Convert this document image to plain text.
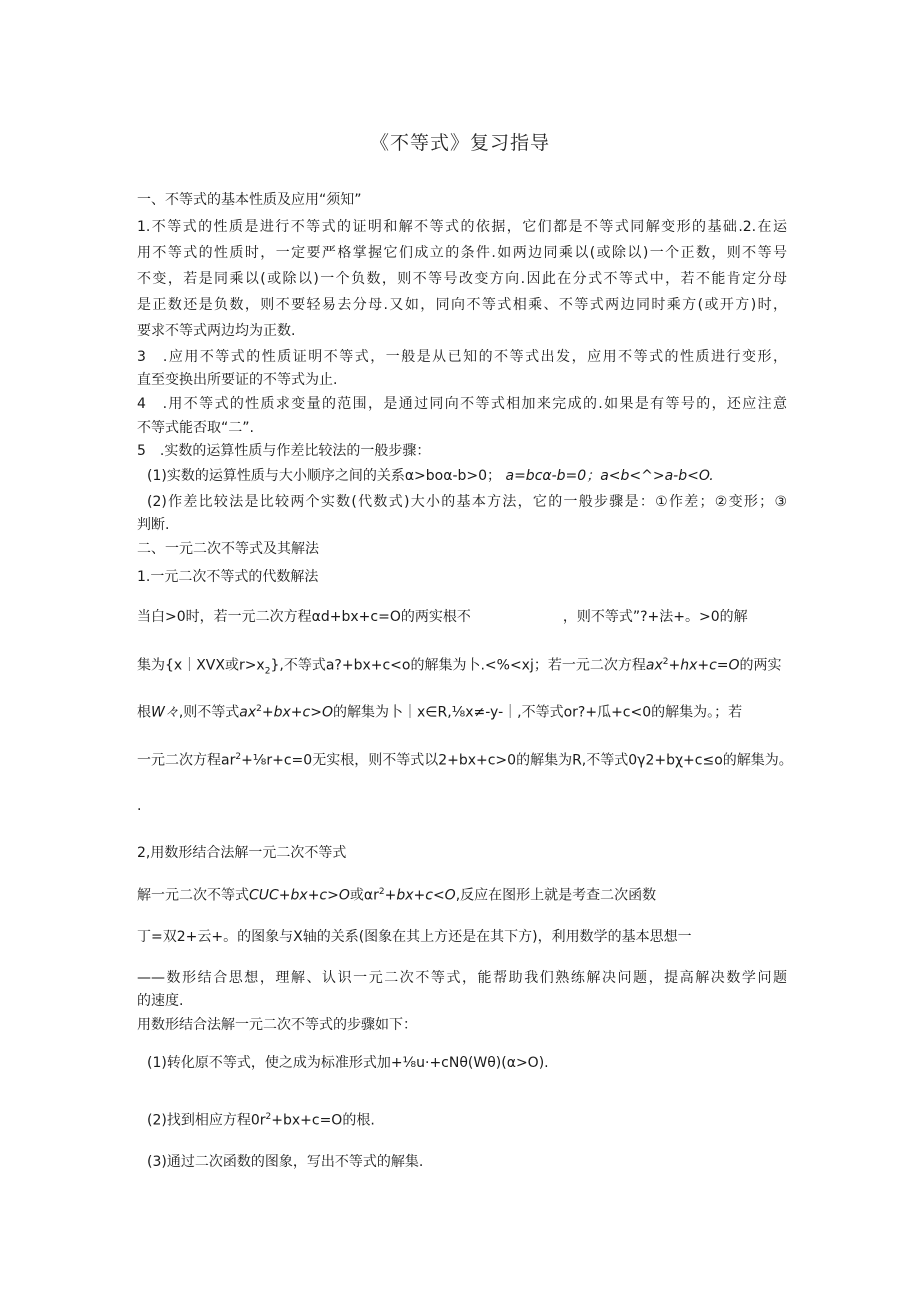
《不等式》复习指导
一、不等式的基本性质及应用“须知”
1.不等式的性质是进行不等式的证明和解不等式的依据，它们都是不等式同解变形的基础.2.在运
用不等式的性质时，一定要严格掌握它们成立的条件.如两边同乘以(或除以)一个正数，则不等号
不变，若是同乘以(或除以)一个负数，则不等号改变方向.因此在分式不等式中，若不能肯定分母
是正数还是负数，则不要轻易去分母.又如，同向不等式相乘、不等式两边同时乘方(或开方)时，
要求不等式两边均为正数.
3　.应用不等式的性质证明不等式，一般是从已知的不等式出发，应用不等式的性质进行变形，
直至变换出所要证的不等式为止.
4　.用不等式的性质求变量的范围，是通过同向不等式相加来完成的.如果是有等号的，还应注意
不等式能否取“二”.
5　.实数的运算性质与作差比较法的一般步骤：
(1)实数的运算性质与大小顺序之间的关系α>boα-b>0； a=bcα-b=0；a<b<^>a-b<O.
(2)作差比较法是比较两个实数(代数式)大小的基本方法，它的一般步骤是：①作差；②变形；③
判断.
二、一元二次不等式及其解法
1.一元二次不等式的代数解法
当白>0时，若一元二次方程αd+bx+c=O的两实根不	，则不等式”?+法+。>0的解
集为{x｜XVX或$r>x_2$},不等式a?+bx+c<o的解集为卜.<%<xj；若一元二次方程$ax^2+hx+c=O$的两实
根W々,则不等式$ax^2+bx+c>O$的解集为卜｜x∈R,⅛x≠-y-｜,不等式or?+瓜+c<0的解集为。；若
一元二次方程$ar^2+\frac{1}{8}r+c=0$无实根，则不等式以2+bx+c>0的解集为R,不等式0γ2+bχ+c≤o的解集为。
.
2,用数形结合法解一元二次不等式
解一元二次不等式CUC+bx+c>O或$\alpha r^2+bx+c<O$,反应在图形上就是考查二次函数
丁=双2+云+。的图象与X轴的关系(图象在其上方还是在其下方)，利用数学的基本思想一
——数形结合思想，理解、认识一元二次不等式，能帮助我们熟练解决问题，提高解决数学问题
的速度.
用数形结合法解一元二次不等式的步骤如下：
(1)转化原不等式，使之成为标准形式加+⅛u·+cNθ(Wθ)(α>O).
(2)找到相应方程$0r^2+bx+c=O$的根.
(3)通过二次函数的图象，写出不等式的解集.
